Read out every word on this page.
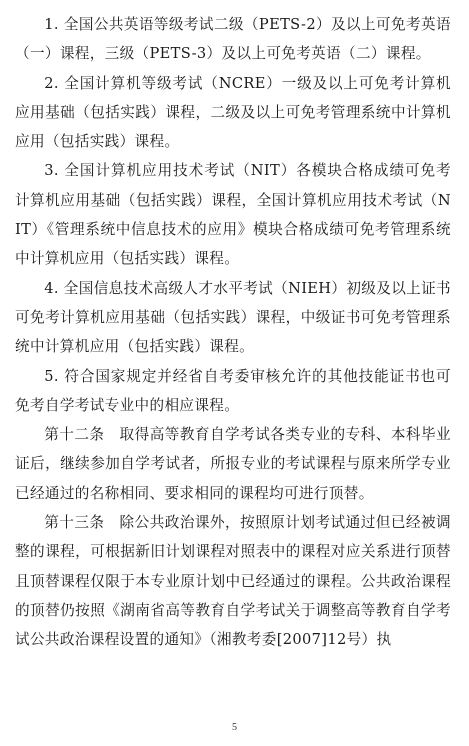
1. 全国公共英语等级考试二级（PETS-2）及以上可免考英语（一）课程，三级（PETS-3）及以上可免考英语（二）课程。

2. 全国计算机等级考试（NCRE）一级及以上可免考计算机应用基础（包括实践）课程，二级及以上可免考管理系统中计算机应用（包括实践）课程。

3. 全国计算机应用技术考试（NIT）各模块合格成绩可免考计算机应用基础（包括实践）课程，全国计算机应用技术考试（NIT）《管理系统中信息技术的应用》模块合格成绩可免考管理系统中计算机应用（包括实践）课程。

4. 全国信息技术高级人才水平考试（NIEH）初级及以上证书可免考计算机应用基础（包括实践）课程，中级证书可免考管理系统中计算机应用（包括实践）课程。

5. 符合国家规定并经省自考委审核允许的其他技能证书也可免考自学考试专业中的相应课程。

第十二条　取得高等教育自学考试各类专业的专科、本科毕业证后，继续参加自学考试者，所报专业的考试课程与原来所学专业已经通过的名称相同、要求相同的课程均可进行顶替。

第十三条　除公共政治课外，按照原计划考试通过但已经被调整的课程，可根据新旧计划课程对照表中的课程对应关系进行顶替且顶替课程仅限于本专业原计划中已经通过的课程。公共政治课程的顶替仍按照《湖南省高等教育自学考试关于调整高等教育自学考试公共政治课程设置的通知》（湘教考委[2007]12号）执

5
